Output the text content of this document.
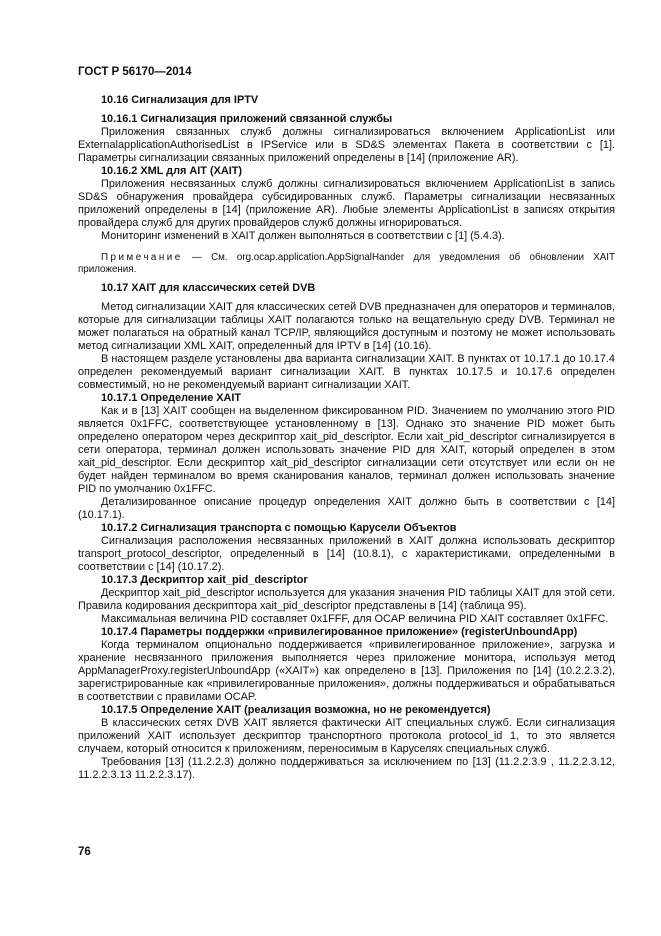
ГОСТ Р 56170—2014
10.16 Сигнализация для IPTV
10.16.1 Сигнализация приложений связанной службы

Приложения связанных служб должны сигнализироваться включением ApplicationList или ExternalapplicationAuthorisedList в IPService или в SD&S элементах Пакета в соответствии с [1]. Параметры сигнализации связанных приложений определены в [14] (приложение AR).

10.16.2 XML для AIT (XAIT)

Приложения несвязанных служб должны сигнализироваться включением ApplicationList в запись SD&S обнаружения провайдера субсидированных служб. Параметры сигнализации несвязанных приложений определены в [14] (приложение AR). Любые элементы ApplicationList в записях открытия провайдера служб для других провайдеров служб должны игнорироваться.

Мониторинг изменений в XAIT должен выполняться в соответствии с [1] (5.4.3).

Примечание — См. org.ocap.application.AppSignalHander для уведомления об обновлении XAIT приложения.

10.17 XAIT для классических сетей DVB

Метод сигнализации XAIT для классических сетей DVB предназначен для операторов и терминалов, которые для сигнализации таблицы XAIT полагаются только на вещательную среду DVB. Терминал не может полагаться на обратный канал TCP/IP, являющийся доступным и поэтому не может использовать метод сигнализации XML XAIT, определенный для IPTV в [14] (10.16).

В настоящем разделе установлены два варианта сигнализации XAIT. В пунктах от 10.17.1 до 10.17.4 определен рекомендуемый вариант сигнализации XAIT. В пунктах 10.17.5 и 10.17.6 определен совместимый, но не рекомендуемый вариант сигнализации XAIT.

10.17.1 Определение XAIT

Как и в [13] XAIT сообщен на выделенном фиксированном PID. Значением по умолчанию этого PID является 0x1FFC, соответствующее установленному в [13]. Однако это значение PID может быть определено оператором через дескриптор xait_pid_descriptor. Если xait_pid_descriptor сигнализируется в сети оператора, терминал должен использовать значение PID для XAIT, который определен в этом xait_pid_descriptor. Если дескриптор xait_pid_descriptor сигнализации сети отсутствует или если он не будет найден терминалом во время сканирования каналов, терминал должен использовать значение PID по умолчанию 0x1FFC.

Детализированное описание процедур определения XAIT должно быть в соответствии с [14] (10.17.1).

10.17.2 Сигнализация транспорта с помощью Карусели Объектов

Сигнализация расположения несвязанных приложений в XAIT должна использовать дескриптор transport_protocol_descriptor, определенный в [14] (10.8.1), с характеристиками, определенными в соответствии с [14] (10.17.2).

10.17.3 Дескриптор xait_pid_descriptor

Дескриптор xait_pid_descriptor используется для указания значения PID таблицы XAIT для этой сети. Правила кодирования дескриптора xait_pid_descriptor представлены в [14] (таблица 95).

Максимальная величина PID составляет 0x1FFF, для OCAP величина PID XAIT составляет 0x1FFC.

10.17.4 Параметры поддержки «привилегированное приложение» (registerUnboundApp)

Когда терминалом опционально поддерживается «привилегированное приложение», загрузка и хранение несвязанного приложения выполняется через приложение монитора, используя метод AppManagerProxy.registerUnboundApp («XAIT») как определено в [13]. Приложения по [14] (10.2.2.3.2), зарегистрированные как «привилегированные приложения», должны поддерживаться и обрабатываться в соответствии с правилами OCAP.

10.17.5 Определение XAIT (реализация возможна, но не рекомендуется)

В классических сетях DVB XAIT является фактически AIT специальных служб. Если сигнализация приложений XAIT использует дескриптор транспортного протокола protocol_id 1, то это является случаем, который относится к приложениям, переносимым в Каруселях специальных служб.

Требования [13] (11.2.2.3) должно поддерживаться за исключением по [13] (11.2.2.3.9 , 11.2.2.3.12, 11.2.2.3.13 11.2.2.3.17).

76
